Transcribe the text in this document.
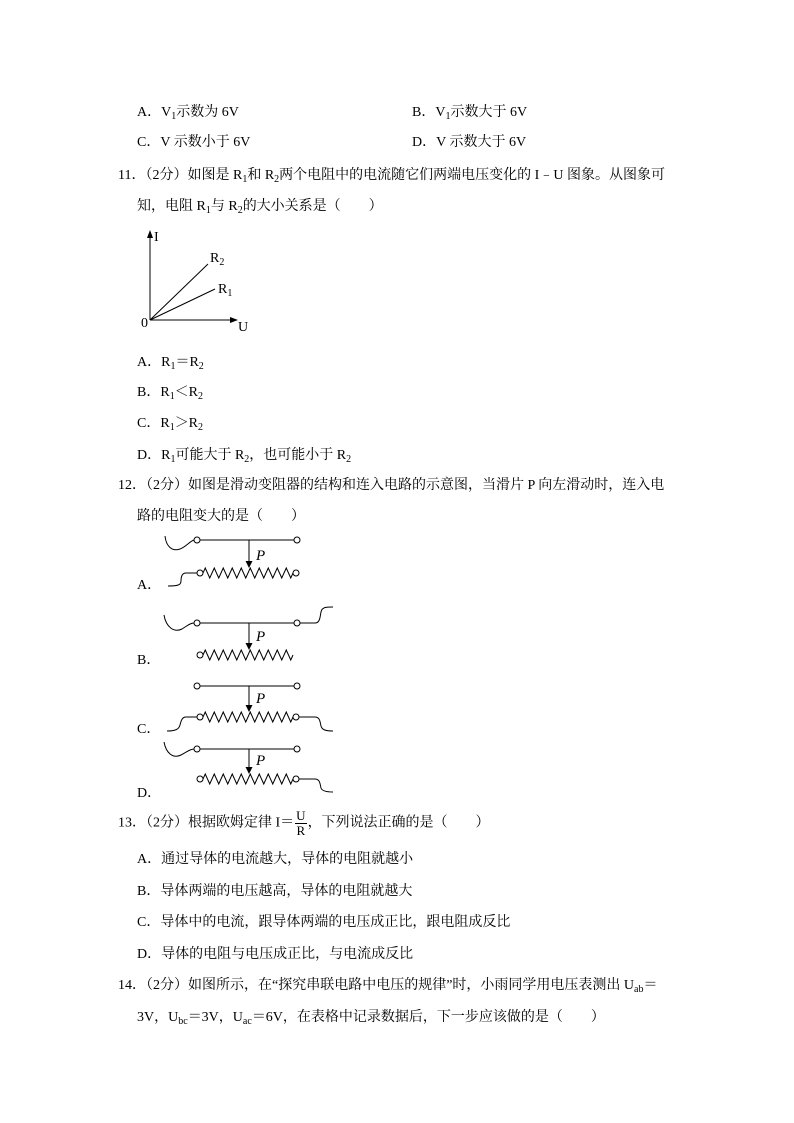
A．$V_1$示数为 6V	B．$V_1$示数大于 6V
C．V 示数小于 6V	D．V 示数大于 6V
11．（2分）如图是 $R_1$和 $R_2$两个电阻中的电流随它们两端电压变化的 I﹣U 图象。从图象可
知，电阻 $R_1$与 $R_2$的大小关系是（　　）
I
U
0
$R_2$
$R_1$
A．$R_1=R_2$
B．$R_1<R_2$
C．$R_1>R_2$
D．$R_1$可能大于 $R_2$，也可能小于 $R_2$
12．（2分）如图是滑动变阻器的结构和连入电路的示意图，当滑片 P 向左滑动时，连入电
路的电阻变大的是（　　）
P
P
P
P
A．
B．
C．
D．
13．（2分）根据欧姆定律 $I= \frac{U}{R}$ ，下列说法正确的是（　　）
A．通过导体的电流越大，导体的电阻就越小
B．导体两端的电压越高，导体的电阻就越大
C．导体中的电流，跟导体两端的电压成正比，跟电阻成反比
D．导体的电阻与电压成正比，与电流成反比
14．（2分）如图所示，在“探究串联电路中电压的规律”时，小雨同学用电压表测出 $U_{ab}=$
3V，$U_{bc}=3V$，$U_{ac}=6V$，在表格中记录数据后，下一步应该做的是（　　）
